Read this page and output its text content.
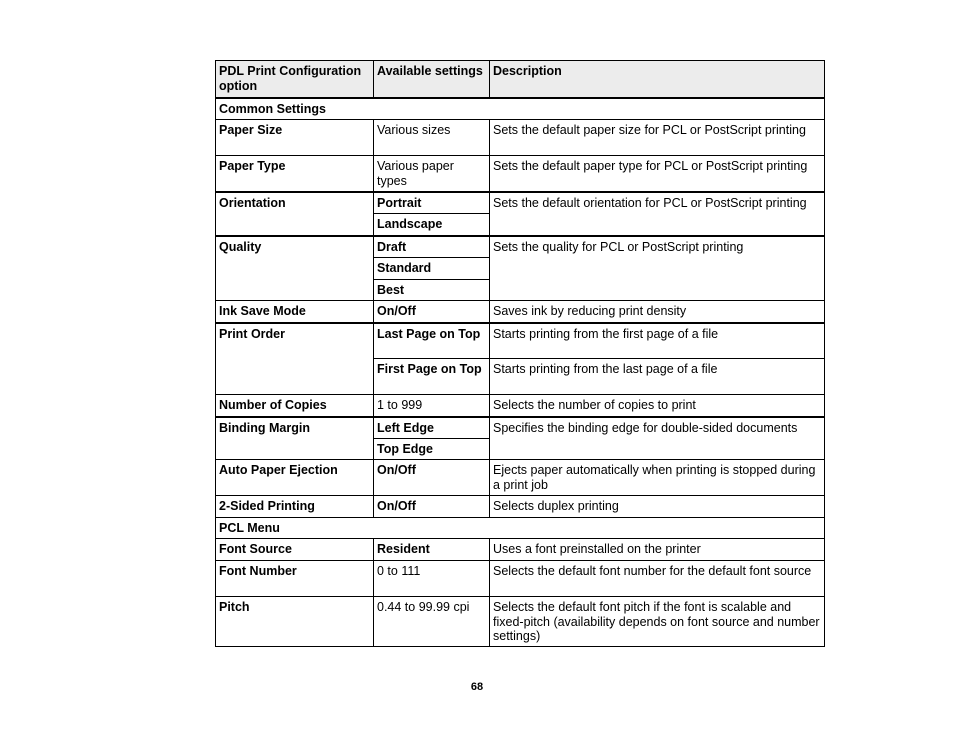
PDL Print Configuration option	Available settings	Description
Common Settings		
Paper Size	Various sizes	Sets the default paper size for PCL or PostScript printing
Paper Type	Various paper types	Sets the default paper type for PCL or PostScript printing
Orientation	Portrait	Sets the default orientation for PCL or PostScript printing
	Landscape	
Quality	Draft	Sets the quality for PCL or PostScript printing
	Standard	
	Best	
Ink Save Mode	On/Off	Saves ink by reducing print density
Print Order	Last Page on Top	Starts printing from the first page of a file
	First Page on Top	Starts printing from the last page of a file
Number of Copies	1 to 999	Selects the number of copies to print
Binding Margin	Left Edge	Specifies the binding edge for double-sided documents
	Top Edge	
Auto Paper Ejection	On/Off	Ejects paper automatically when printing is stopped during a print job
2-Sided Printing	On/Off	Selects duplex printing
PCL Menu		
Font Source	Resident	Uses a font preinstalled on the printer
Font Number	0 to 111	Selects the default font number for the default font source
Pitch	0.44 to 99.99 cpi	Selects the default font pitch if the font is scalable and fixed-pitch (availability depends on font source and number settings)
68
